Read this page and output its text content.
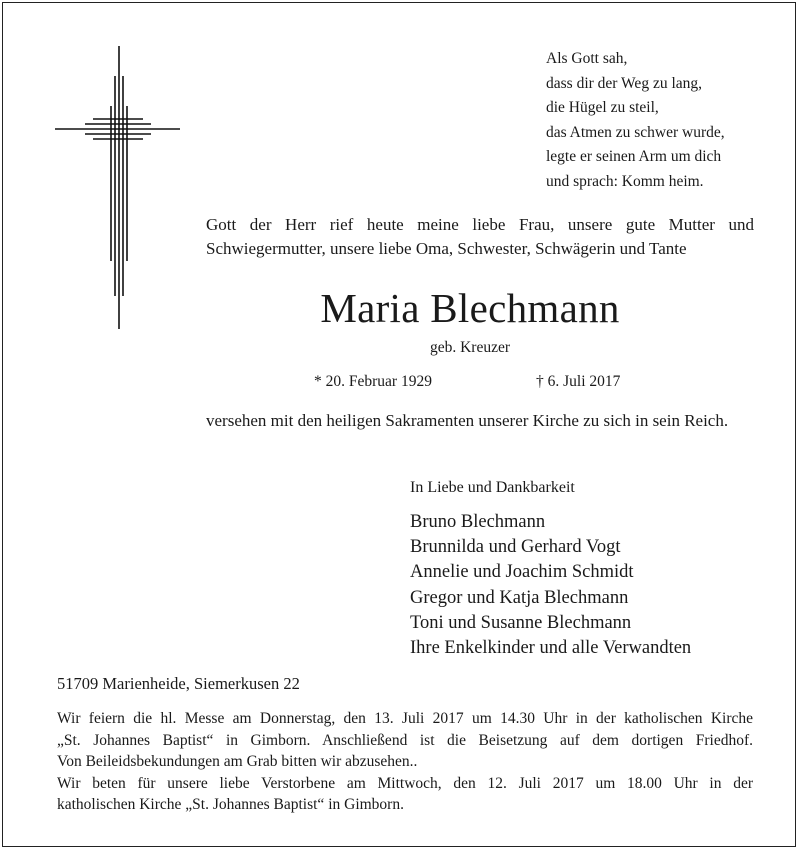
Als Gott sah,
dass dir der Weg zu lang,
die Hügel zu steil,
das Atmen zu schwer wurde,
legte er seinen Arm um dich
und sprach: Komm heim.
Gott der Herr rief heute meine liebe Frau, unsere gute Mutter und Schwiegermutter, unsere liebe Oma, Schwester, Schwägerin und Tante
Maria Blechmann
geb. Kreuzer
* 20. Februar 1929	† 6. Juli 2017
versehen mit den heiligen Sakramenten unserer Kirche zu sich in sein Reich.
In Liebe und Dankbarkeit
Bruno Blechmann
Brunnilda und Gerhard Vogt
Annelie und Joachim Schmidt
Gregor und Katja Blechmann
Toni und Susanne Blechmann
Ihre Enkelkinder und alle Verwandten
51709 Marienheide, Siemerkusen 22
Wir feiern die hl. Messe am Donnerstag, den 13. Juli 2017 um 14.30 Uhr in der katholischen Kirche
„St. Johannes Baptist“ in Gimborn. Anschließend ist die Beisetzung auf dem dortigen Friedhof.
Von Beileidsbekundungen am Grab bitten wir abzusehen..
Wir beten für unsere liebe Verstorbene am Mittwoch, den 12. Juli 2017 um 18.00 Uhr in der
katholischen Kirche „St. Johannes Baptist“ in Gimborn.
